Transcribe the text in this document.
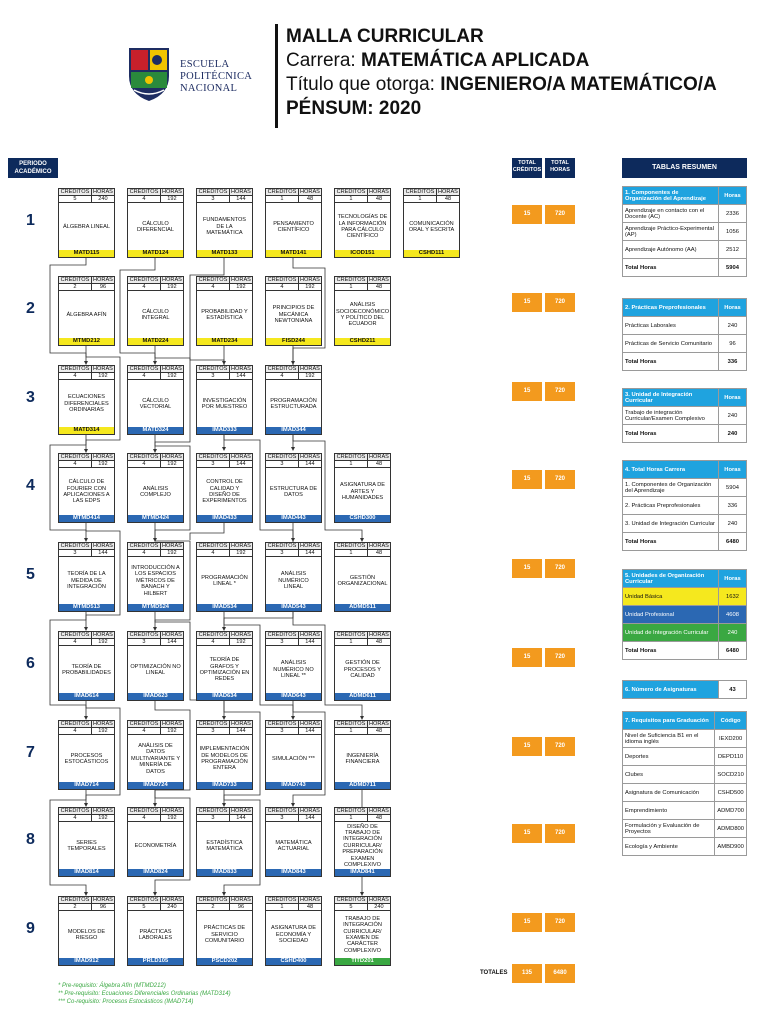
ESCUELA
POLITÉCNICA
NACIONAL
MALLA CURRICULAR
Carrera: MATEMÁTICA APLICADA
Título que otorga: INGENIERO/A MATEMÁTICO/A
PÉNSUM: 2020
PERIODO ACADÉMICO
TOTAL CRÉDITOS
TOTAL HORAS
1
CRÉDITOS HORAS
5	240
ÁLGEBRA LINEAL
MATD115
CRÉDITOS HORAS
4	192
CÁLCULO DIFERENCIAL
MATD124
CRÉDITOS HORAS
3	144
FUNDAMENTOS DE LA MATEMÁTICA
MATD133
CRÉDITOS HORAS
1	48
PENSAMIENTO CIENTÍFICO
MATD141
CRÉDITOS HORAS
1	48
TECNOLOGÍAS DE LA INFORMACIÓN PARA CÁLCULO CIENTÍFICO
ICOD151
CRÉDITOS HORAS
1	48
COMUNICACIÓN ORAL Y ESCRITA
CSHD111
15	720
2
CRÉDITOS HORAS
2	96
ÁLGEBRA AFÍN
MTMD212
CRÉDITOS HORAS
4	192
CÁLCULO INTEGRAL
MATD224
CRÉDITOS HORAS
4	192
PROBABILIDAD Y ESTADÍSTICA
MATD234
CRÉDITOS HORAS
4	192
PRINCIPIOS DE MECÁNICA NEWTONIANA
FISD244
CRÉDITOS HORAS
1	48
ANÁLISIS SOCIOECONÓMICO Y POLÍTICO DEL ECUADOR
CSHD211
15	720
3
CRÉDITOS HORAS
4	192
ECUACIONES DIFERENCIALES ORDINARIAS
MATD314
CRÉDITOS HORAS
4	192
CÁLCULO VECTORIAL
MATD324
CRÉDITOS HORAS
3	144
INVESTIGACIÓN POR MUESTREO
IMAD333
CRÉDITOS HORAS
4	192
PROGRAMACIÓN ESTRUCTURADA
IMAD344
15	720
4
CRÉDITOS HORAS
4	192
CÁLCULO DE FOURIER CON APLICACIONES A LAS EDPS
MTMD414
CRÉDITOS HORAS
4	192
ANÁLISIS COMPLEJO
MTMD424
CRÉDITOS HORAS
3	144
CONTROL DE CALIDAD Y DISEÑO DE EXPERIMENTOS
IMAD433
CRÉDITOS HORAS
3	144
ESTRUCTURA DE DATOS
IMAD443
CRÉDITOS HORAS
1	48
ASIGNATURA DE ARTES Y HUMANIDADES
CSHD300
15	720
5
CRÉDITOS HORAS
3	144
TEORÍA DE LA MEDIDA DE INTEGRACIÓN
MTMD513
CRÉDITOS HORAS
4	192
INTRODUCCIÓN A LOS ESPACIOS MÉTRICOS DE BANACH Y HILBERT
MTMD524
CRÉDITOS HORAS
4	192
PROGRAMACIÓN LINEAL *
IMAD534
CRÉDITOS HORAS
3	144
ANÁLISIS NUMÉRICO LINEAL
IMAD543
CRÉDITOS HORAS
1	48
GESTIÓN ORGANIZACIONAL
ADMD511
15	720
6
CRÉDITOS HORAS
4	192
TEORÍA DE PROBABILIDADES
IMAD614
CRÉDITOS HORAS
3	144
OPTIMIZACIÓN NO LINEAL
IMAD623
CRÉDITOS HORAS
4	192
TEORÍA DE GRAFOS Y OPTIMIZACIÓN EN REDES
IMAD634
CRÉDITOS HORAS
3	144
ANÁLISIS NUMÉRICO NO LINEAL **
IMAD643
CRÉDITOS HORAS
1	48
GESTIÓN DE PROCESOS Y CALIDAD
ADMD611
15	720
7
CRÉDITOS HORAS
4	192
PROCESOS ESTOCÁSTICOS
IMAD714
CRÉDITOS HORAS
4	192
ANÁLISIS DE DATOS MULTIVARIANTE Y MINERÍA DE DATOS
IMAD724
CRÉDITOS HORAS
3	144
IMPLEMENTACIÓN DE MODELOS DE PROGRAMACIÓN ENTERA
IMAD733
CRÉDITOS HORAS
3	144
SIMULACIÓN ***
IMAD743
CRÉDITOS HORAS
1	48
INGENIERÍA FINANCIERA
ADMD711
15	720
8
CRÉDITOS HORAS
4	192
SERIES TEMPORALES
IMAD814
CRÉDITOS HORAS
4	192
ECONOMETRÍA
IMAD824
CRÉDITOS HORAS
3	144
ESTADÍSTICA MATEMÁTICA
IMAD833
CRÉDITOS HORAS
3	144
MATEMÁTICA ACTUARIAL
IMAD843
CRÉDITOS HORAS
1	48
DISEÑO DE TRABAJO DE INTEGRACIÓN CURRICULAR/ PREPARACIÓN EXAMEN COMPLEXIVO
IMAD841
15	720
9
CRÉDITOS HORAS
2	96
MODELOS DE RIESGO
IMAD912
CRÉDITOS HORAS
5	240
PRÁCTICAS LABORALES
PRLD105
CRÉDITOS HORAS
2	96
PRÁCTICAS DE SERVICIO COMUNITARIO
PSCD202
CRÉDITOS HORAS
1	48
ASIGNATURA DE ECONOMÍA Y SOCIEDAD
CSHD400
CRÉDITOS HORAS
5	240
TRABAJO DE INTEGRACIÓN CURRICULAR/ EXAMEN DE CARÁCTER COMPLEXIVO
TITD201
15	720
TABLAS RESUMEN
1. Componentes de Organización del Aprendizaje	Horas
Aprendizaje en contacto con el Docente (AC)	2336
Aprendizaje Práctico-Experimental (AP)	1056
Aprendizaje Autónomo (AA)	2512
Total Horas	5904
2. Prácticas Preprofesionales	Horas
Prácticas Laborales	240
Prácticas de Servicio Comunitario	96
Total Horas	336
3. Unidad de Integración Curricular	Horas
Trabajo de integración Curricular/Examen Complexivo	240
Total Horas	240
4. Total Horas Carrera	Horas
1. Componentes de Organización del Aprendizaje	5904
2. Prácticas Preprofesionales	336
3. Unidad de Integración Curricular	240
Total Horas	6480
5. Unidades de Organización Curricular	Horas
Unidad Básica	1632
Unidad Profesional	4608
Unidad de Integración Curricular	240
Total Horas	6480
6. Número de Asignaturas	43
7. Requisitos para Graduación	Código
Nivel de Suficiencia B1 en el idioma inglés	IEXD200
Deportes	DEPD110
Clubes	SOCD210
Asignatura de Comunicación	CSHD500
Emprendimiento	ADMD700
Formulación y Evaluación de Proyectos	ADMD800
Ecología y Ambiente	AMBD900
TOTALES	135	6480
* Pre-requisito: Álgebra Afín (MTMD212)
** Pre-requisito: Ecuaciones Diferenciales Ordinarias (MATD314)
*** Co-requisito: Procesos Estocásticos (IMAD714)
